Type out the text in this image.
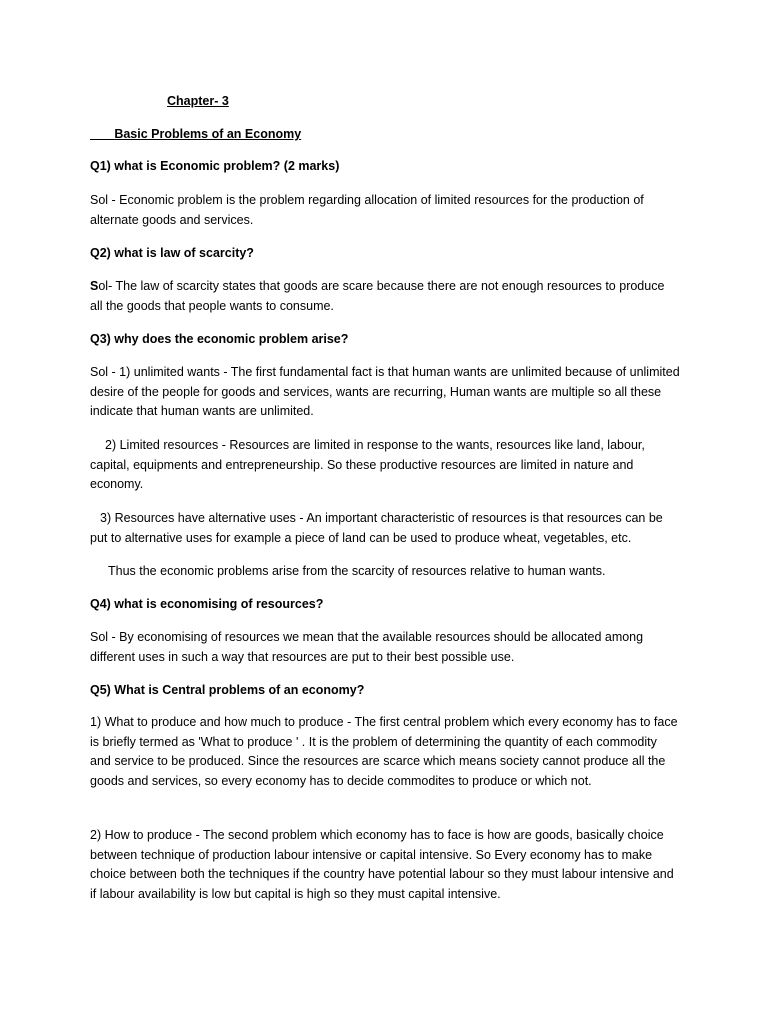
Chapter- 3
Basic Problems of an Economy
Q1) what is Economic problem? (2 marks)
Sol - Economic problem is the problem regarding allocation of limited resources for the production of alternate goods and services.
Q2) what is law of scarcity?
Sol- The law of scarcity states that goods are scare because there are not enough resources to produce all the goods that people wants to consume.
Q3) why does the economic problem arise?
Sol - 1) unlimited wants - The first fundamental fact is that human wants are unlimited because of unlimited desire of the people for goods and services, wants are recurring, Human wants are multiple so all these indicate that human wants are unlimited.
2) Limited resources - Resources are limited in response to the wants, resources like land, labour, capital, equipments and entrepreneurship. So these productive resources are limited in nature and economy.
3) Resources have alternative uses - An important characteristic of resources is that resources can be put to alternative uses for example a piece of land can be used to produce wheat, vegetables, etc.
Thus the economic problems arise from the scarcity of resources relative to human wants.
Q4) what is economising of resources?
Sol - By economising of resources we mean that the available resources should be allocated among different uses in such a way that resources are put to their best possible use.
Q5) What is Central problems of an economy?
1) What to produce and how much to produce - The first central problem which every economy has to face is briefly termed as 'What to produce ' . It is the problem of determining the quantity of each commodity and service to be produced. Since the resources are scarce which means society cannot produce all the goods and services, so every economy has to decide commodites to produce or which not.
2) How to produce - The second problem which economy has to face is how are goods, basically choice between technique of production labour intensive or capital intensive. So Every economy has to make choice between both the techniques if the country have potential labour so they must labour intensive and if labour availability is low but capital is high so they must capital intensive.
